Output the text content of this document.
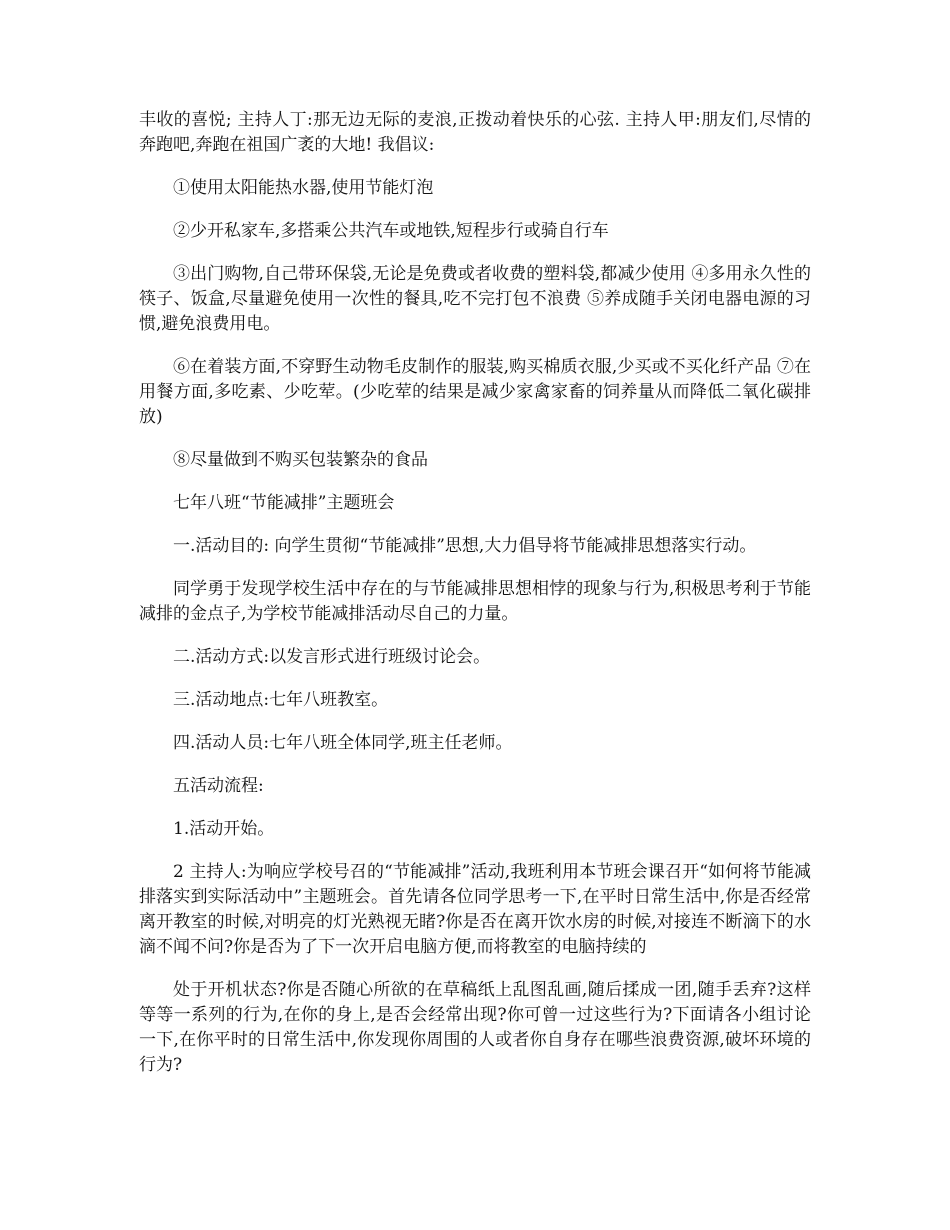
丰收的喜悦; 主持人丁:那无边无际的麦浪,正拨动着快乐的心弦. 主持人甲:朋友们,尽情的奔跑吧,奔跑在祖国广袤的大地! 我倡议:

①使用太阳能热水器,使用节能灯泡

②少开私家车,多搭乘公共汽车或地铁,短程步行或骑自行车

③出门购物,自己带环保袋,无论是免费或者收费的塑料袋,都减少使用 ④多用永久性的筷子、饭盒,尽量避免使用一次性的餐具,吃不完打包不浪费 ⑤养成随手关闭电器电源的习惯,避免浪费用电。

⑥在着装方面,不穿野生动物毛皮制作的服装,购买棉质衣服,少买或不买化纤产品 ⑦在用餐方面,多吃素、少吃荤。(少吃荤的结果是减少家禽家畜的饲养量从而降低二氧化碳排放)

⑧尽量做到不购买包装繁杂的食品

七年八班“节能减排”主题班会

一.活动目的: 向学生贯彻“节能减排”思想,大力倡导将节能减排思想落实行动。

同学勇于发现学校生活中存在的与节能减排思想相悖的现象与行为,积极思考利于节能减排的金点子,为学校节能减排活动尽自己的力量。

二.活动方式:以发言形式进行班级讨论会。

三.活动地点:七年八班教室。

四.活动人员:七年八班全体同学,班主任老师。

五活动流程:

1.活动开始。

2 主持人:为响应学校号召的“节能减排”活动,我班利用本节班会课召开“如何将节能减排落实到实际活动中”主题班会。首先请各位同学思考一下,在平时日常生活中,你是否经常离开教室的时候,对明亮的灯光熟视无睹?你是否在离开饮水房的时候,对接连不断滴下的水滴不闻不问?你是否为了下一次开启电脑方便,而将教室的电脑持续的

处于开机状态?你是否随心所欲的在草稿纸上乱图乱画,随后揉成一团,随手丢弃?这样等等一系列的行为,在你的身上,是否会经常出现?你可曾一过这些行为?下面请各小组讨论一下,在你平时的日常生活中,你发现你周围的人或者你自身存在哪些浪费资源,破坏环境的行为?
